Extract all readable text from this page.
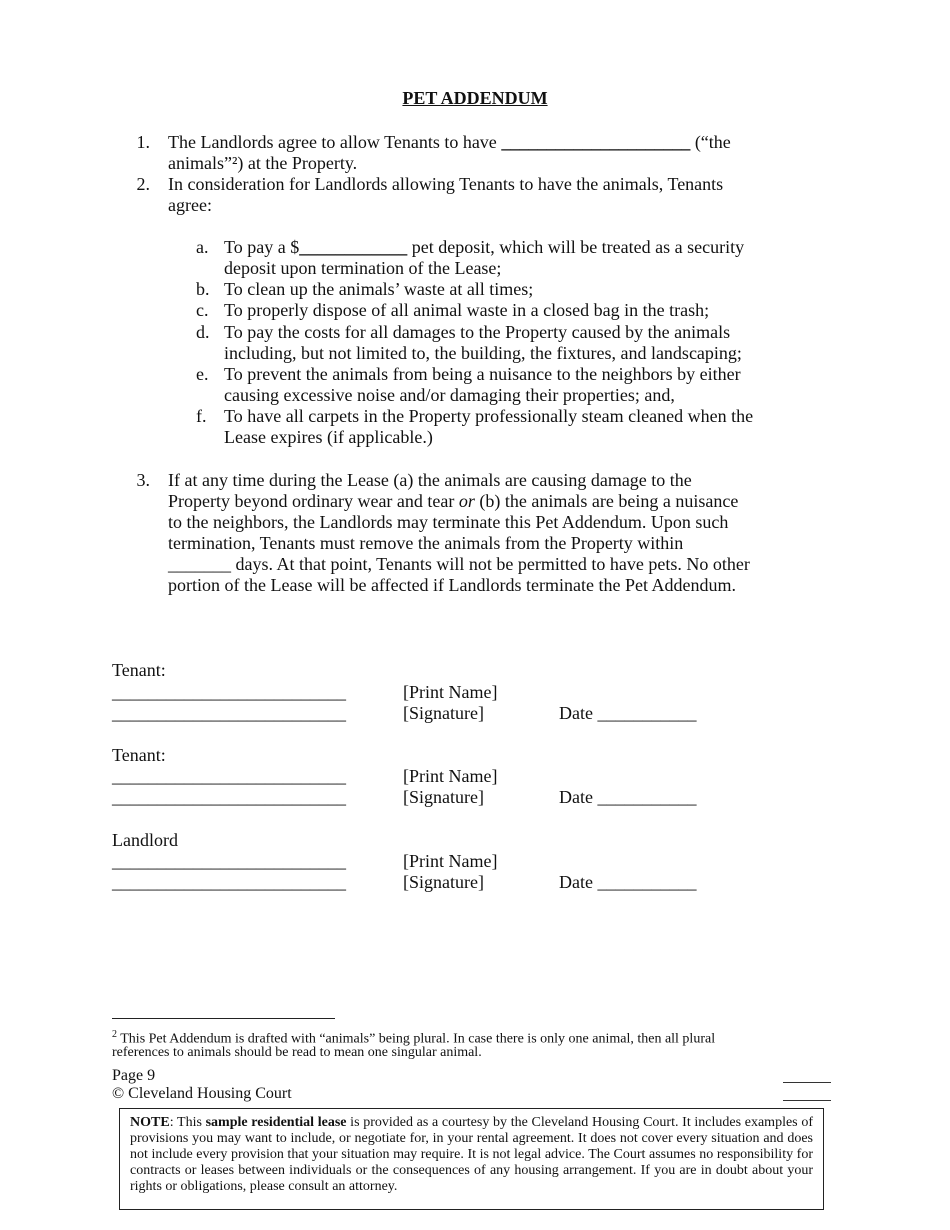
PET ADDENDUM
1. The Landlords agree to allow Tenants to have _____________________ (“the
animals”²) at the Property.
2. In consideration for Landlords allowing Tenants to have the animals, Tenants
agree:
a. To pay a $____________ pet deposit, which will be treated as a security
deposit upon termination of the Lease;
b. To clean up the animals’ waste at all times;
c. To properly dispose of all animal waste in a closed bag in the trash;
d. To pay the costs for all damages to the Property caused by the animals
including, but not limited to, the building, the fixtures, and landscaping;
e. To prevent the animals from being a nuisance to the neighbors by either
causing excessive noise and/or damaging their properties; and,
f. To have all carpets in the Property professionally steam cleaned when the
Lease expires (if applicable.)
3. If at any time during the Lease (a) the animals are causing damage to the
Property beyond ordinary wear and tear or (b) the animals are being a nuisance
to the neighbors, the Landlords may terminate this Pet Addendum. Upon such
termination, Tenants must remove the animals from the Property within
_______ days. At that point, Tenants will not be permitted to have pets. No other
portion of the Lease will be affected if Landlords terminate the Pet Addendum.
Tenant:
__________________________	[Print Name]
__________________________	[Signature]	Date ___________
Tenant:
__________________________	[Print Name]
__________________________	[Signature]	Date ___________
Landlord
__________________________	[Print Name]
__________________________	[Signature]	Date ___________
$^2$ This Pet Addendum is drafted with “animals” being plural. In case there is only one animal, then all plural
references to animals should be read to mean one singular animal.
Page 9
© Cleveland Housing Court
NOTE: This sample residential lease is provided as a courtesy by the Cleveland Housing Court. It includes examples of provisions you may want to include, or negotiate for, in your rental agreement. It does not cover every situation and does not include every provision that your situation may require. It is not legal advice. The Court assumes no responsibility for contracts or leases between individuals or the consequences of any housing arrangement. If you are in doubt about your rights or obligations, please consult an attorney.
